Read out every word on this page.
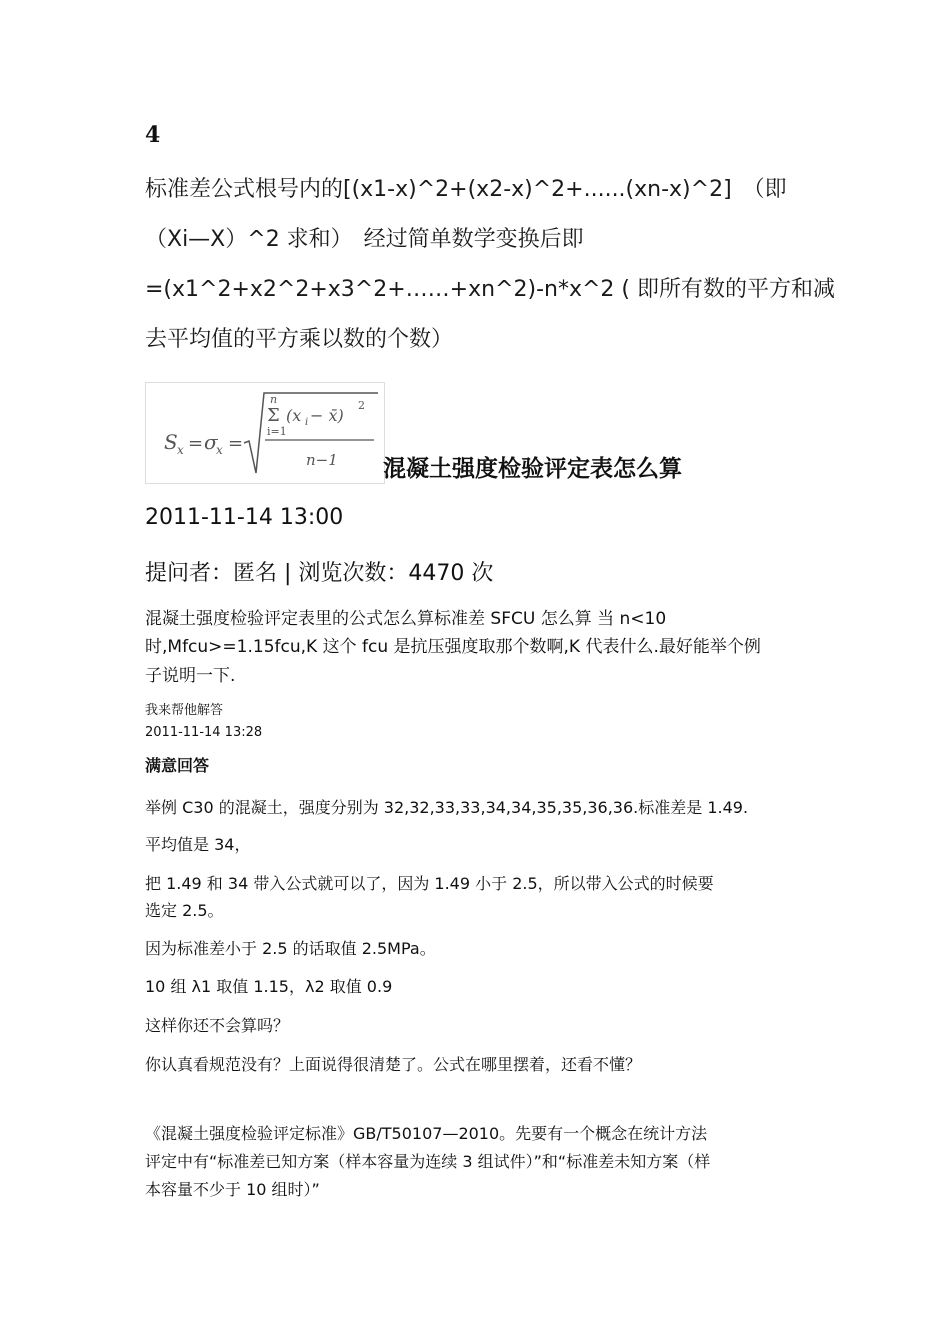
4
标准差公式根号内的[(x1-x)^2+(x2-x)^2+......(xn-x)^2]　（即
（Xi—X）^2 求和）　经过简单数学变换后即
=(x1^2+x2^2+x3^2+……+xn^2)-n*x^2 ( 即所有数的平方和减
去平均值的平方乘以数的个数）
S x = σ
x =
n
Σ
i=1
(x i − x̄)
2
n−1 混凝土强度检验评定表怎么算
2011-11-14 13:00
提问者：匿名 | 浏览次数：4470 次
混凝土强度检验评定表里的公式怎么算标准差 SFCU 怎么算 当 n<10
时,Mfcu>=1.15fcu,K 这个 fcu 是抗压强度取那个数啊,K 代表什么.最好能举个例
子说明一下.
我来帮他解答
2011-11-14 13:28
满意回答
举例 C30 的混凝土，强度分别为 32,32,33,33,34,34,35,35,36,36.标准差是 1.49.
平均值是 34，
把 1.49 和 34 带入公式就可以了，因为 1.49 小于 2.5，所以带入公式的时候要
选定 2.5。
因为标准差小于 2.5 的话取值 2.5MPa。
10 组 λ1 取值 1.15，λ2 取值 0.9
这样你还不会算吗？
你认真看规范没有？上面说得很清楚了。公式在哪里摆着，还看不懂？
《混凝土强度检验评定标准》GB/T50107—2010。先要有一个概念在统计方法
评定中有“标准差已知方案（样本容量为连续 3 组试件）”和“标准差未知方案（样
本容量不少于 10 组时）”
